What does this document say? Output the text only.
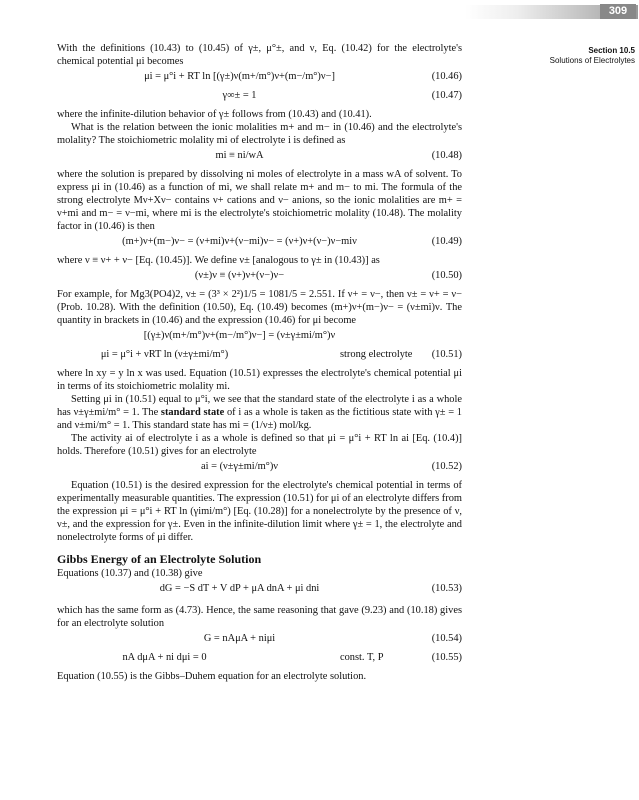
309
Section 10.5
Solutions of Electrolytes

With the definitions (10.43) to (10.45) of γ±, μ°±, and ν, Eq. (10.42) for the electrolyte's chemical potential μi becomes

μi = μ°i + RT ln [(γ±)ν(m+/m°)ν+(m−/m°)ν−]	(10.46)
γ∞± = 1	(10.47)

where the infinite-dilution behavior of γ± follows from (10.43) and (10.41).

What is the relation between the ionic molalities m+ and m− in (10.46) and the electrolyte's molality? The stoichiometric molality mi of electrolyte i is defined as

mi ≡ ni/wA	(10.48)

where the solution is prepared by dissolving ni moles of electrolyte in a mass wA of solvent. To express μi in (10.46) as a function of mi, we shall relate m+ and m− to mi. The formula of the strong electrolyte Mν+Xν− contains ν+ cations and ν− anions, so the ionic molalities are m+ = ν+mi and m− = ν−mi, where mi is the electrolyte's stoichiometric molality (10.48). The molality factor in (10.46) is then

(m+)ν+(m−)ν− = (ν+mi)ν+(ν−mi)ν− = (ν+)ν+(ν−)ν−miν	(10.49)

where ν ≡ ν+ + ν− [Eq. (10.45)]. We define ν± [analogous to γ± in (10.43)] as

(ν±)ν ≡ (ν+)ν+(ν−)ν−	(10.50)

For example, for Mg3(PO4)2, ν± = (3³ × 2²)1/5 = 1081/5 = 2.551. If ν+ = ν−, then ν± = ν+ = ν− (Prob. 10.28). With the definition (10.50), Eq. (10.49) becomes (m+)ν+(m−)ν− = (ν±mi)ν. The quantity in brackets in (10.46) and the expression (10.46) for μi become

[(γ±)ν(m+/m°)ν+(m−/m°)ν−] = (ν±γ±mi/m°)ν
μi = μ°i + νRT ln (ν±γ±mi/m°)	strong electrolyte (10.51)

where ln xy = y ln x was used. Equation (10.51) expresses the electrolyte's chemical potential μi in terms of its stoichiometric molality mi.

Setting μi in (10.51) equal to μ°i, we see that the standard state of the electrolyte i as a whole has ν±γ±mi/m° = 1. The standard state of i as a whole is taken as the fictitious state with γ± = 1 and ν±mi/m° = 1. This standard state has mi = (1/ν±) mol/kg.

The activity ai of electrolyte i as a whole is defined so that μi = μ°i + RT ln ai [Eq. (10.4)] holds. Therefore (10.51) gives for an electrolyte

ai = (ν±γ±mi/m°)ν	(10.52)

Equation (10.51) is the desired expression for the electrolyte's chemical potential in terms of experimentally measurable quantities. The expression (10.51) for μi of an electrolyte differs from the expression μi = μ°i + RT ln (γimi/m°) [Eq. (10.28)] for a nonelectrolyte by the presence of ν, ν±, and the expression for γ±. Even in the infinite-dilution limit where γ± = 1, the electrolyte and nonelectrolyte forms of μi differ.

Gibbs Energy of an Electrolyte Solution

Equations (10.37) and (10.38) give

dG = −S dT + V dP + μA dnA + μi dni	(10.53)

which has the same form as (4.73). Hence, the same reasoning that gave (9.23) and (10.18) gives for an electrolyte solution

G = nAμA + niμi	(10.54)
nA dμA + ni dμi = 0	const. T, P	(10.55)

Equation (10.55) is the Gibbs–Duhem equation for an electrolyte solution.
